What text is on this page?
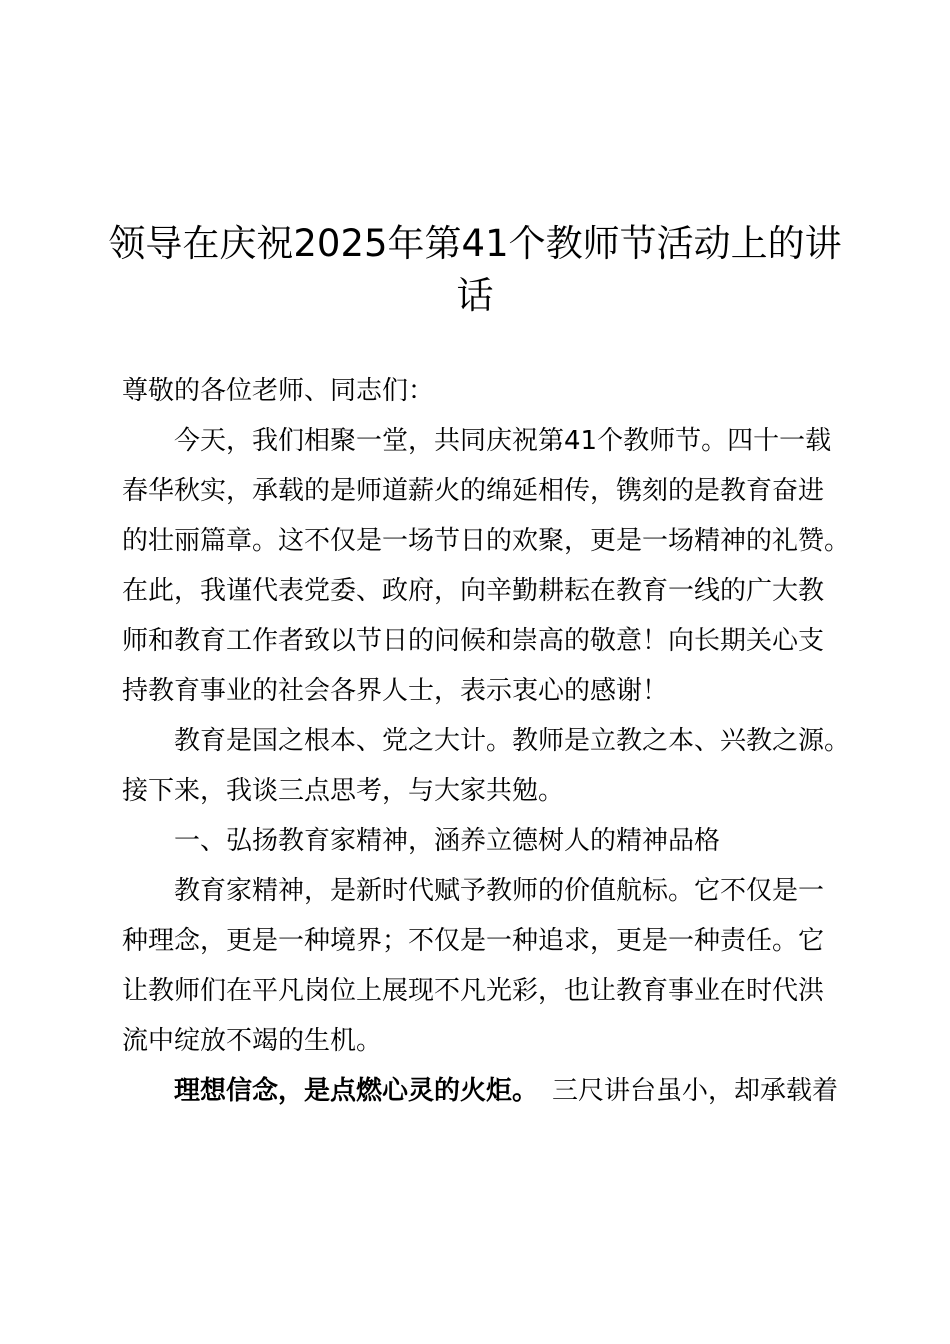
领导在庆祝2025年第41个教师节活动上的讲
话
尊敬的各位老师、同志们：
今天，我们相聚一堂，共同庆祝第41个教师节。四十一载
春华秋实，承载的是师道薪火的绵延相传，镌刻的是教育奋进
的壮丽篇章。这不仅是一场节日的欢聚，更是一场精神的礼赞。
在此，我谨代表党委、政府，向辛勤耕耘在教育一线的广大教
师和教育工作者致以节日的问候和崇高的敬意！向长期关心支
持教育事业的社会各界人士，表示衷心的感谢！
教育是国之根本、党之大计。教师是立教之本、兴教之源。
接下来，我谈三点思考，与大家共勉。
一、弘扬教育家精神，涵养立德树人的精神品格
教育家精神，是新时代赋予教师的价值航标。它不仅是一
种理念，更是一种境界；不仅是一种追求，更是一种责任。它
让教师们在平凡岗位上展现不凡光彩，也让教育事业在时代洪
流中绽放不竭的生机。
理想信念，是点燃心灵的火炬。 三尺讲台虽小，却承载着
